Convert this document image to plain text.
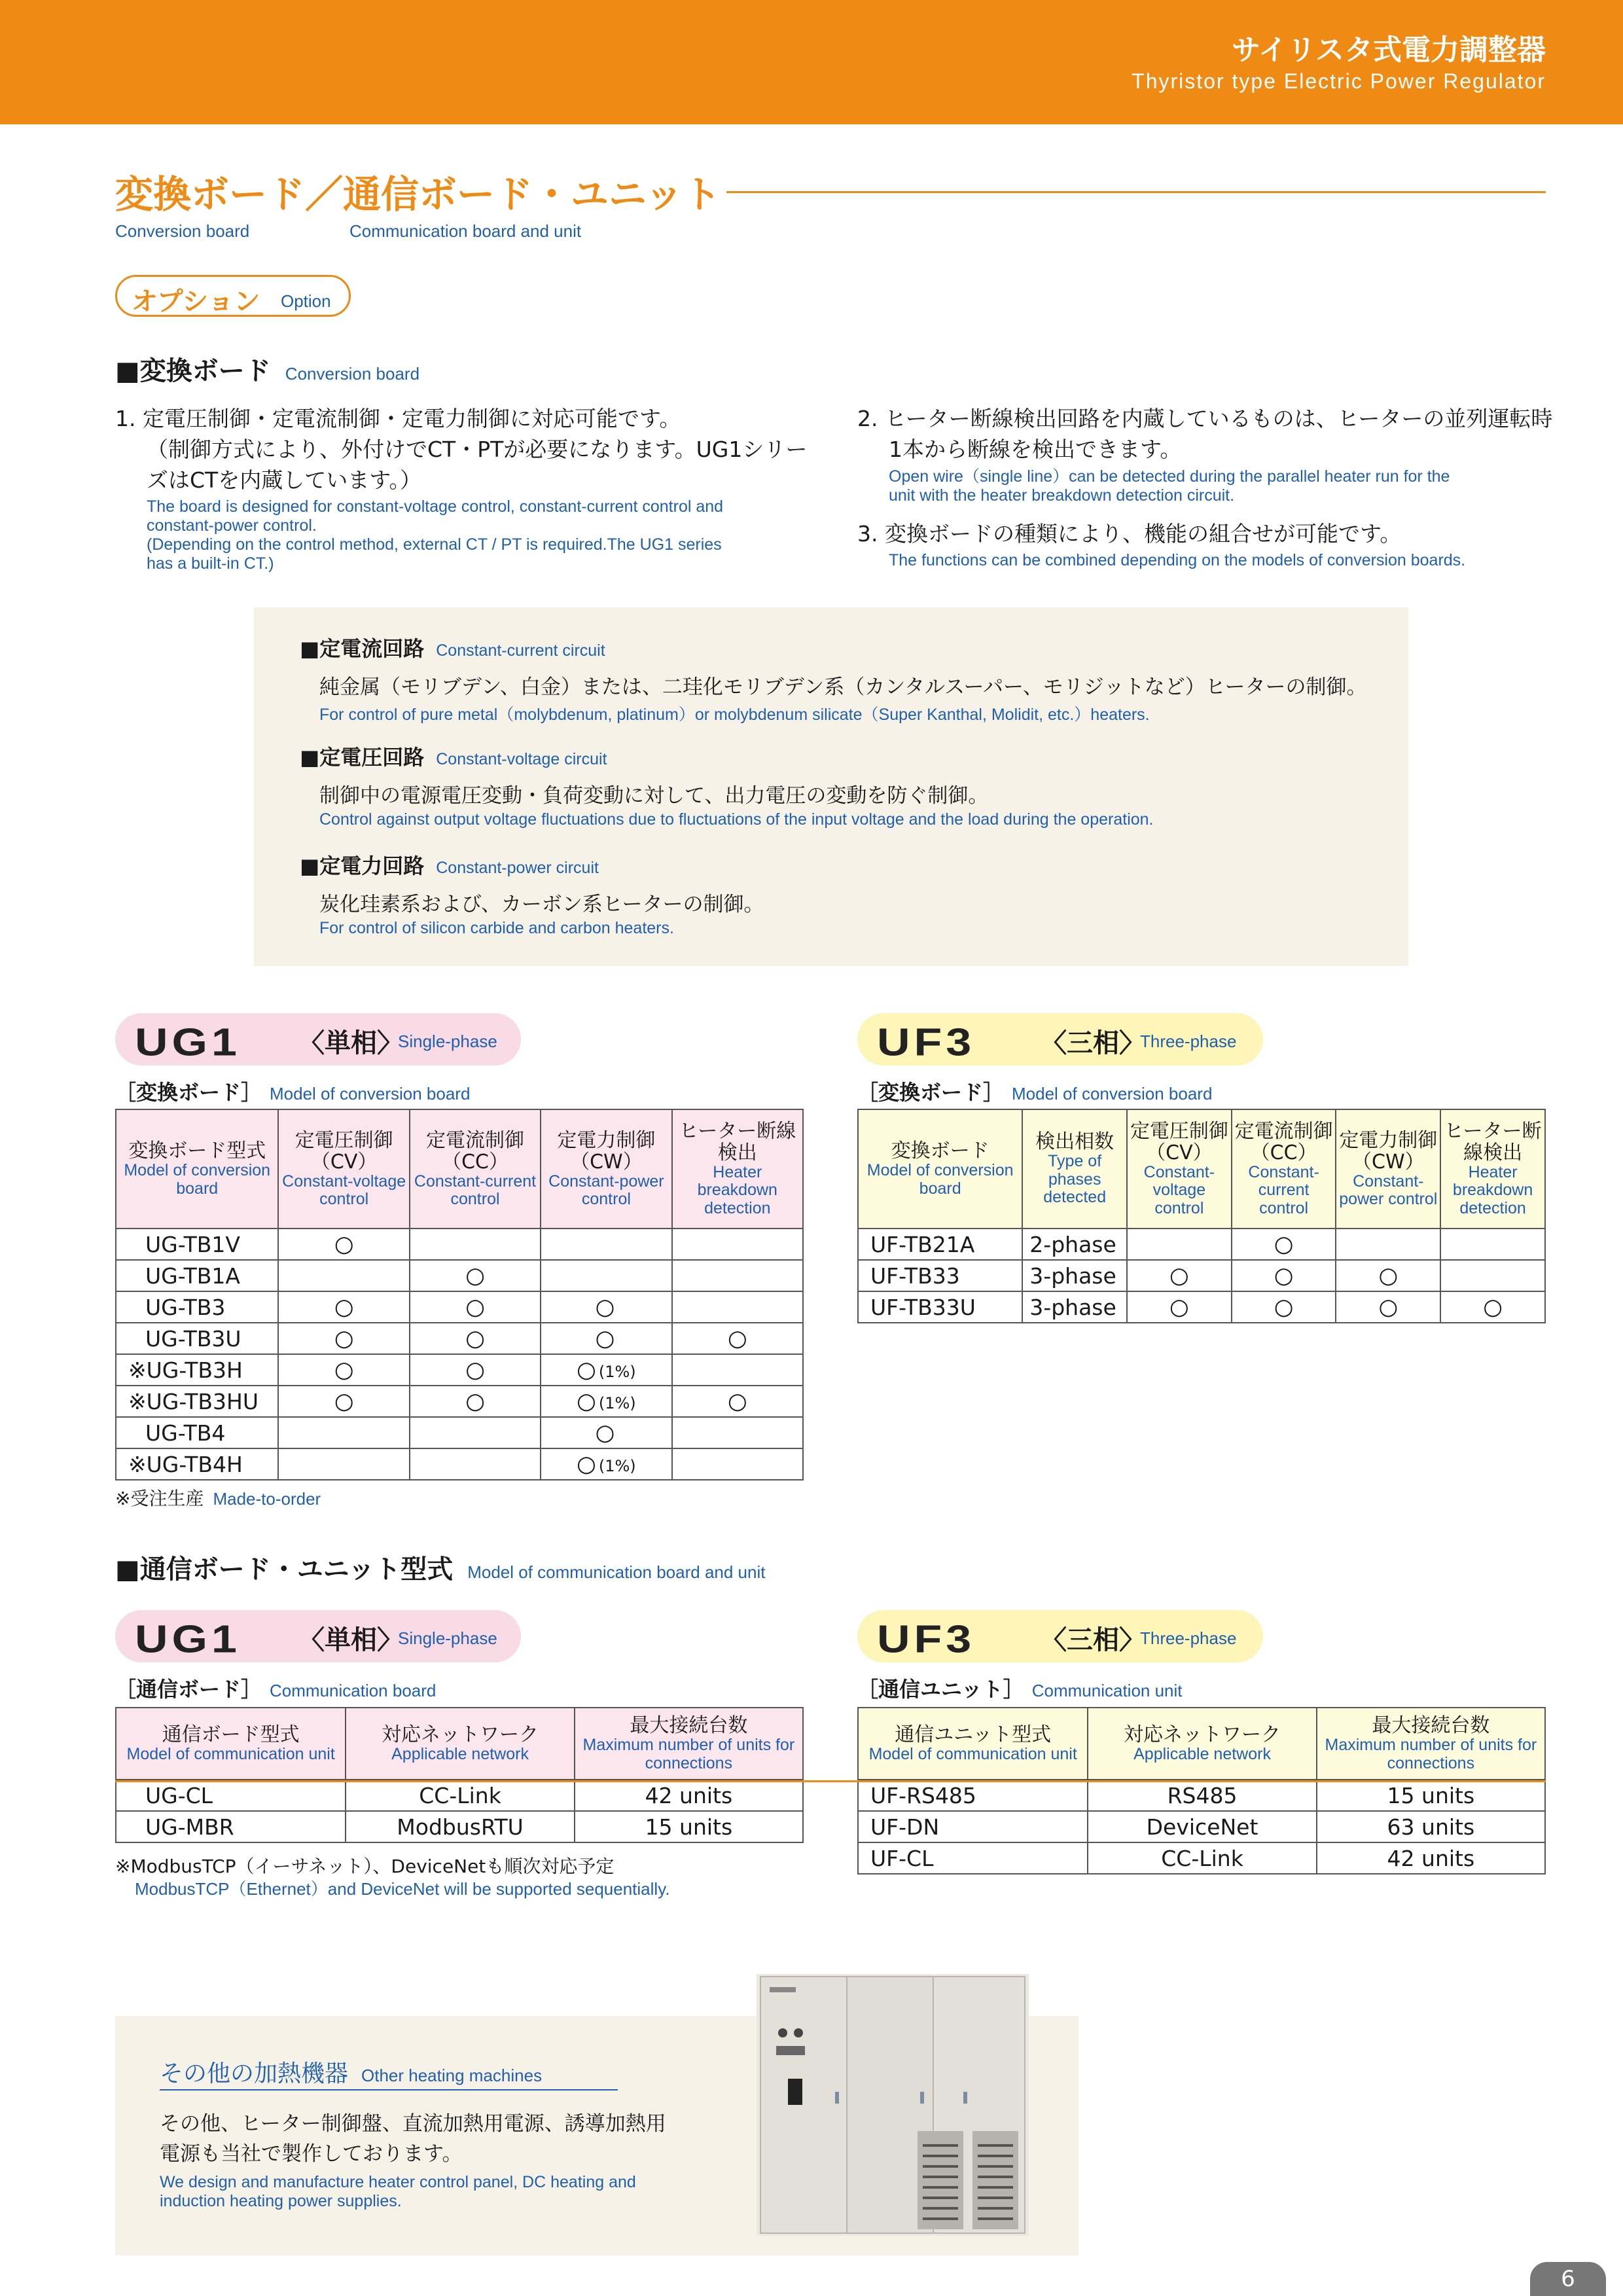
サイリスタ式電力調整器
Thyristor type Electric Power Regulator
変換ボード／通信ボード・ユニット
Conversion board	Communication board and unit
オプション Option
■変換ボード Conversion board
1. 定電圧制御・定電流制御・定電力制御に対応可能です。
（制御方式により、外付けでCT・PTが必要になります。UG1シリー
ズはCTを内蔵しています。）
The board is designed for constant-voltage control, constant-current control and
constant-power control.
(Depending on the control method, external CT / PT is required.The UG1 series
has a built-in CT.)
2. ヒーター断線検出回路を内蔵しているものは、ヒーターの並列運転時
1本から断線を検出できます。
Open wire（single line）can be detected during the parallel heater run for the
unit with the heater breakdown detection circuit.
3. 変換ボードの種類により、機能の組合せが可能です。
The functions can be combined depending on the models of conversion boards.
■定電流回路 Constant-current circuit
純金属（モリブデン、白金）または、二珪化モリブデン系（カンタルスーパー、モリジットなど）ヒーターの制御。
For control of pure metal（molybdenum, platinum）or molybdenum silicate（Super Kanthal, Molidit, etc.）heaters.
■定電圧回路 Constant-voltage circuit
制御中の電源電圧変動・負荷変動に対して、出力電圧の変動を防ぐ制御。
Control against output voltage fluctuations due to fluctuations of the input voltage and the load during the operation.
■定電力回路 Constant-power circuit
炭化珪素系および、カーボン系ヒーターの制御。
For control of silicon carbide and carbon heaters.
UG1 〈単相〉
Single-phase
［変換ボード］ Model of conversion board
変換ボード型式
Model of conversion board	定電圧制御（CV）
Constant-voltage control	定電流制御（CC）
Constant-current control	定電力制御（CW）
Constant-power control	ヒーター断線検出
Heater breakdown detection

UG-TB1V	○			
UG-TB1A		○		
UG-TB3	○	○	○	
UG-TB3U	○	○	○	○
※UG-TB3H	○	○	○ (1%)	
※UG-TB3HU	○	○	○ (1%)	○
UG-TB4			○	
※UG-TB4H			○ (1%)	
※受注生産 Made-to-order
UF3 〈三相〉
Three-phase
［変換ボード］ Model of conversion board
変換ボード
Model of conversion board	検出相数
Type of phases detected	定電圧制御（CV）
Constant-voltage control	定電流制御（CC）
Constant-current control	定電力制御（CW）
Constant-power control	ヒーター断線検出
Heater breakdown detection

UF-TB21A	2-phase		○		
UF-TB33	3-phase	○	○	○	
UF-TB33U	3-phase	○	○	○	○
■通信ボード・ユニット型式 Model of communication board and unit
UG1 〈単相〉
Single-phase
［通信ボード］ Communication board
通信ボード型式
Model of communication unit	対応ネットワーク
Applicable network	最大接続台数
Maximum number of units for connections

UG-CL	CC-Link	42 units
UG-MBR	ModbusRTU	15 units
※ModbusTCP（イーサネット）、DeviceNetも順次対応予定
ModbusTCP（Ethernet）and DeviceNet will be supported sequentially.
UF3 〈三相〉
Three-phase
［通信ユニット］ Communication unit
通信ユニット型式
Model of communication unit	対応ネットワーク
Applicable network	最大接続台数
Maximum number of units for connections

UF-RS485	RS485	15 units
UF-DN	DeviceNet	63 units
UF-CL	CC-Link	42 units
その他の加熱機器 Other heating machines
その他、ヒーター制御盤、直流加熱用電源、誘導加熱用
電源も当社で製作しております。
We design and manufacture heater control panel, DC heating and
induction heating power supplies.
6
